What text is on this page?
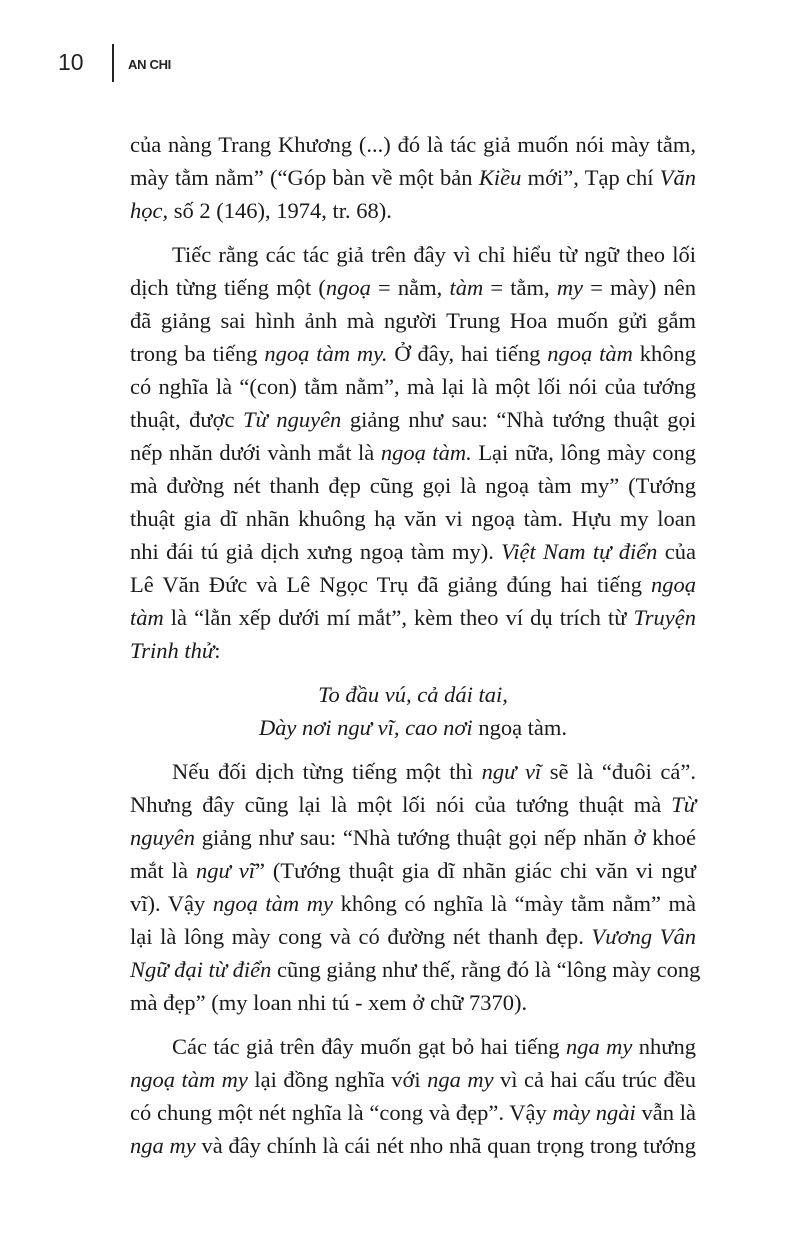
10	AN CHI
của nàng Trang Khương (...) đó là tác giả muốn nói mày tằm,
mày tằm nằm” (“Góp bàn về một bản Kiều mới”, Tạp chí Văn
học, số 2 (146), 1974, tr. 68).
Tiếc rằng các tác giả trên đây vì chỉ hiểu từ ngữ theo lối
dịch từng tiếng một (ngoạ = nằm, tàm = tằm, my = mày) nên
đã giảng sai hình ảnh mà người Trung Hoa muốn gửi gắm
trong ba tiếng ngoạ tàm my. Ở đây, hai tiếng ngoạ tàm không
có nghĩa là “(con) tằm nằm”, mà lại là một lối nói của tướng
thuật, được Từ nguyên giảng như sau: “Nhà tướng thuật gọi
nếp nhăn dưới vành mắt là ngoạ tàm. Lại nữa, lông mày cong
mà đường nét thanh đẹp cũng gọi là ngoạ tàm my” (Tướng
thuật gia dĩ nhãn khuông hạ văn vi ngoạ tàm. Hựu my loan
nhi đái tú giả dịch xưng ngoạ tàm my). Việt Nam tự điển của
Lê Văn Đức và Lê Ngọc Trụ đã giảng đúng hai tiếng ngoạ
tàm là “lằn xếp dưới mí mắt”, kèm theo ví dụ trích từ Truyện
Trinh thử:
To đầu vú, cả dái tai,
Dày nơi ngư vĩ, cao nơi ngoạ tàm.
Nếu đối dịch từng tiếng một thì ngư vĩ sẽ là “đuôi cá”.
Nhưng đây cũng lại là một lối nói của tướng thuật mà Từ
nguyên giảng như sau: “Nhà tướng thuật gọi nếp nhăn ở khoé
mắt là ngư vĩ” (Tướng thuật gia dĩ nhãn giác chi văn vi ngư
vĩ). Vậy ngoạ tàm my không có nghĩa là “mày tằm nằm” mà
lại là lông mày cong và có đường nét thanh đẹp. Vương Vân
Ngữ đại từ điển cũng giảng như thế, rằng đó là “lông mày cong
mà đẹp” (my loan nhi tú - xem ở chữ 7370).
Các tác giả trên đây muốn gạt bỏ hai tiếng nga my nhưng
ngoạ tàm my lại đồng nghĩa với nga my vì cả hai cấu trúc đều
có chung một nét nghĩa là “cong và đẹp”. Vậy mày ngài vẫn là
nga my và đây chính là cái nét nho nhã quan trọng trong tướng
